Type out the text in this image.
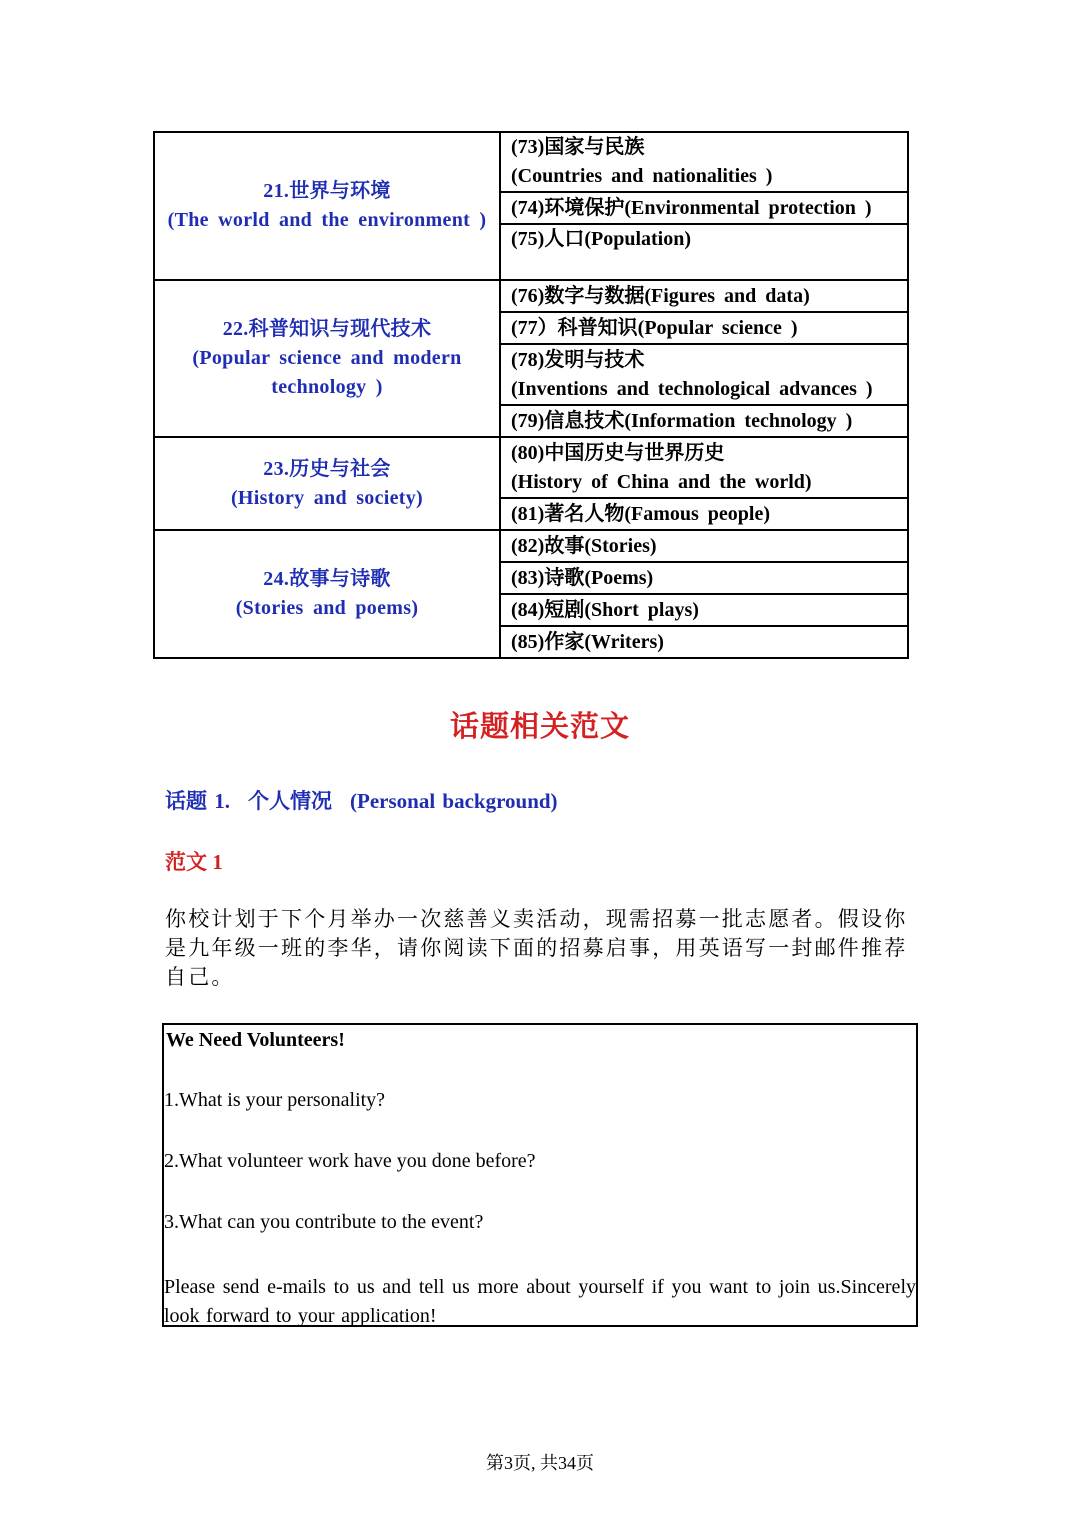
21.世界与环境
(The world and the environment )	(73)国家与民族
(Countries and nationalities )

	(74)环境保护(Environmental protection )

	(75)人口(Population)

22.科普知识与现代技术
(Popular science and modern technology )	(76)数字与数据(Figures and data)

	(77）科普知识(Popular science )

	(78)发明与技术
(Inventions and technological advances )

	(79)信息技术(Information technology )

23.历史与社会
(History and society)	(80)中国历史与世界历史
(History of China and the world)

	(81)著名人物(Famous people)

24.故事与诗歌
(Stories and poems)	(82)故事(Stories)

	(83)诗歌(Poems)

	(84)短剧(Short plays)

	(85)作家(Writers)
话题相关范文
话题 1. 个人情况 (Personal background)
范文 1
你校计划于下个月举办一次慈善义卖活动，现需招募一批志愿者。假设你是九年级一班的李华，请你阅读下面的招募启事，用英语写一封邮件推荐自己。
We Need Volunteers!
1.What is your personality?
2.What volunteer work have you done before?
3.What can you contribute to the event?
Please send e-mails to us and tell us more about yourself if you want to join us.Sincerely look forward to your application!
第3页, 共34页
